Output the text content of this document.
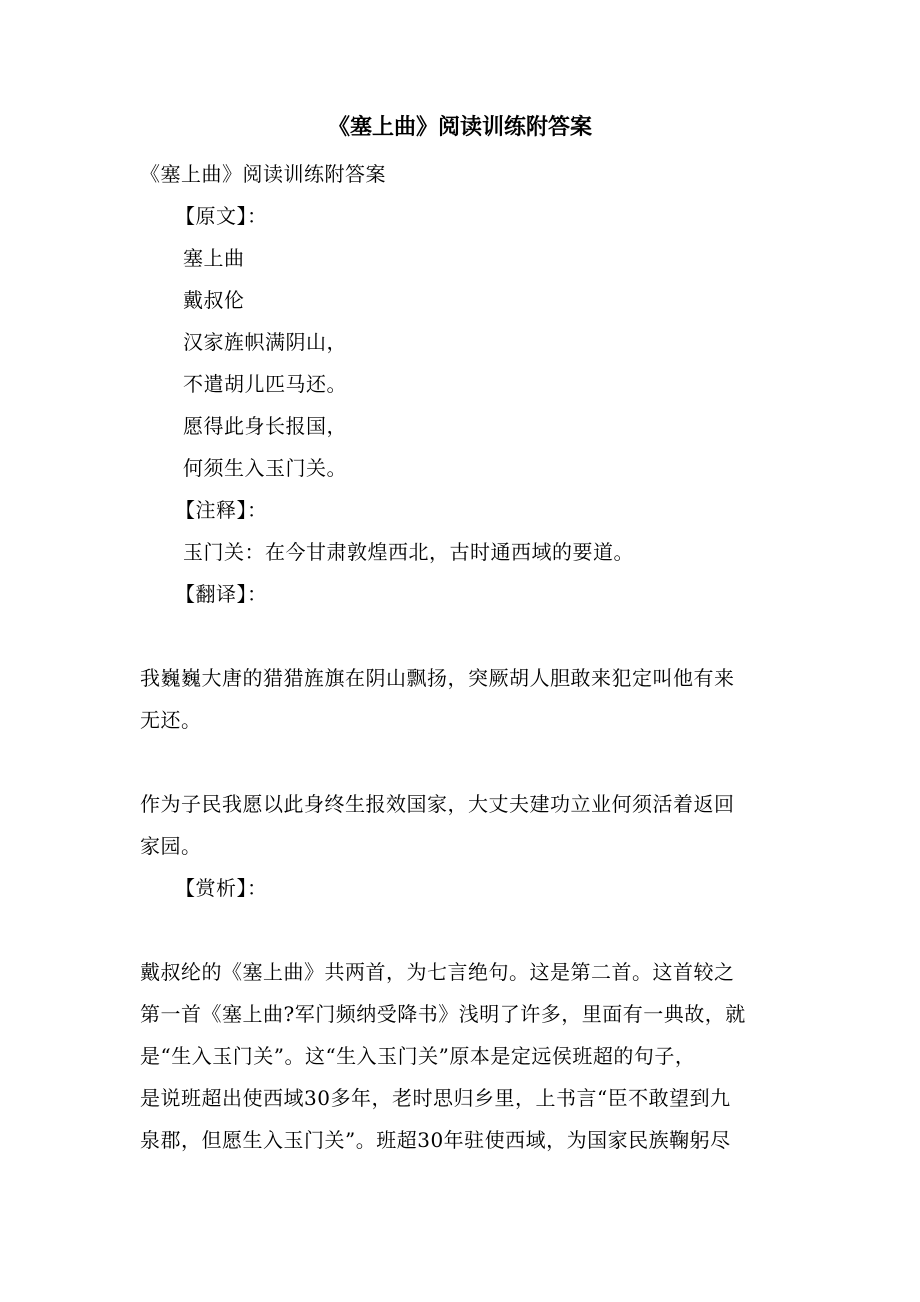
《塞上曲》阅读训练附答案
《塞上曲》阅读训练附答案
【原文】：
塞上曲
戴叔伦
汉家旌帜满阴山，
不遣胡儿匹马还。
愿得此身长报国，
何须生入玉门关。
【注释】：
玉门关：在今甘肃敦煌西北，古时通西域的要道。
【翻译】：
我巍巍大唐的猎猎旌旗在阴山飘扬，突厥胡人胆敢来犯定叫他有来
无还。
作为子民我愿以此身终生报效国家，大丈夫建功立业何须活着返回
家园。
【赏析】：
戴叔纶的《塞上曲》共两首，为七言绝句。这是第二首。这首较之
第一首《塞上曲?军门频纳受降书》浅明了许多，里面有一典故，就
是“生入玉门关”。这“生入玉门关”原本是定远侯班超的句子，
是说班超出使西域30多年，老时思归乡里，上书言“臣不敢望到九
泉郡，但愿生入玉门关”。班超30年驻使西域，为国家民族鞠躬尽
